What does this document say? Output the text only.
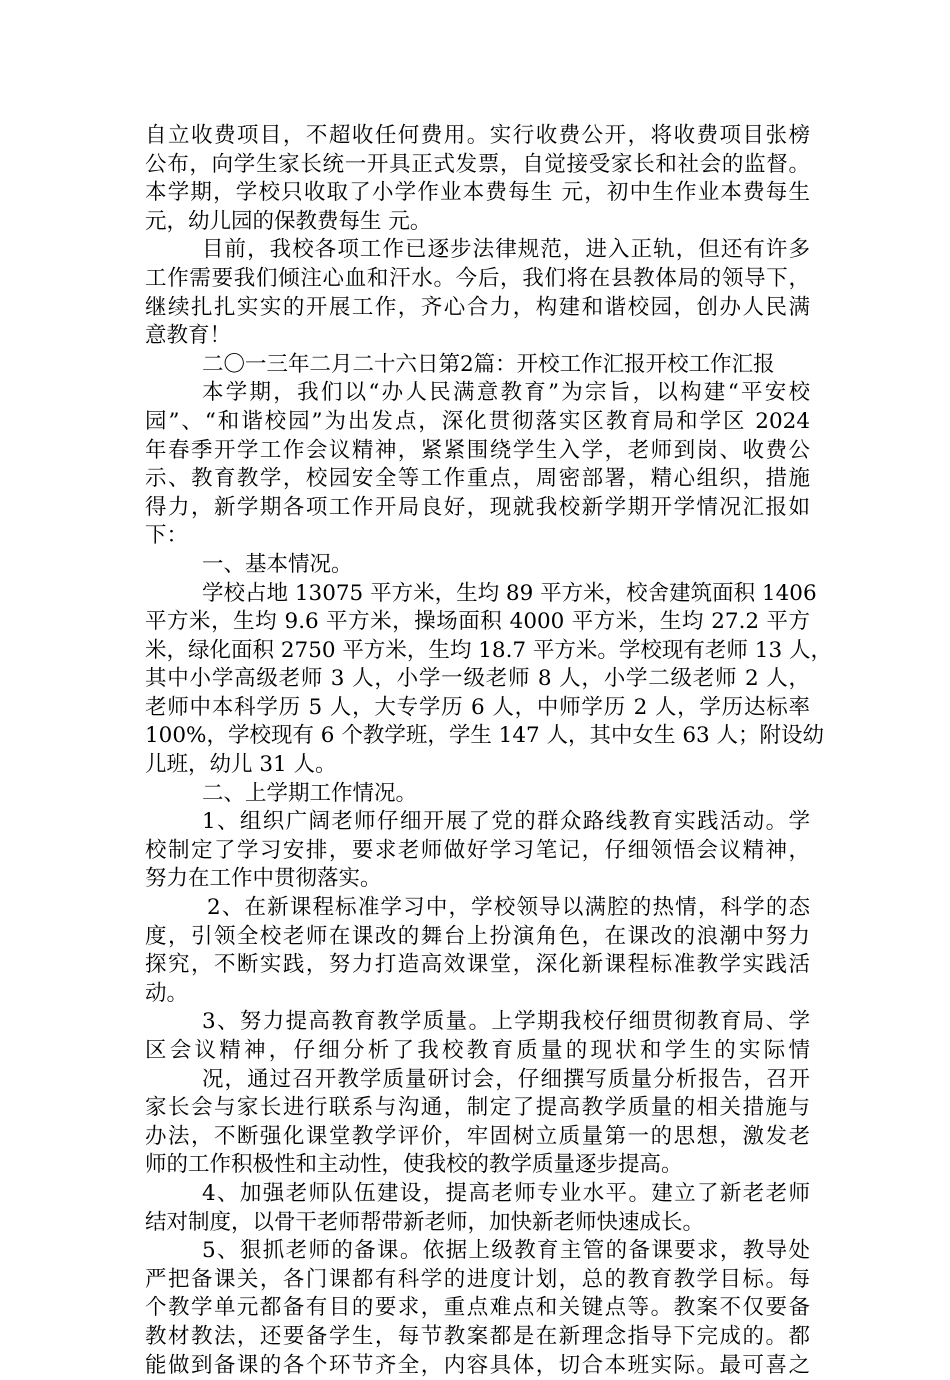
自立收费项目，不超收任何费用。实行收费公开，将收费项目张榜
公布，向学生家长统一开具正式发票，自觉接受家长和社会的监督。
本学期，学校只收取了小学作业本费每生 元，初中生作业本费每生
元，幼儿园的保教费每生 元。
目前，我校各项工作已逐步法律规范，进入正轨，但还有许多
工作需要我们倾注心血和汗水。今后，我们将在县教体局的领导下，
继续扎扎实实的开展工作，齐心合力，构建和谐校园，创办人民满
意教育！
二〇一三年二月二十六日第2篇：开校工作汇报开校工作汇报
本学期，我们以“办人民满意教育”为宗旨，以构建“平安校
园”、“和谐校园”为出发点，深化贯彻落实区教育局和学区 2024
年春季开学工作会议精神，紧紧围绕学生入学，老师到岗、收费公
示、教育教学，校园安全等工作重点，周密部署，精心组织，措施
得力，新学期各项工作开局良好，现就我校新学期开学情况汇报如
下：
一、基本情况。
学校占地 13075 平方米，生均 89 平方米，校舍建筑面积 1406
平方米，生均 9.6 平方米，操场面积 4000 平方米，生均 27.2 平方
米，绿化面积 2750 平方米，生均 18.7 平方米。学校现有老师 13 人，
其中小学高级老师 3 人，小学一级老师 8 人，小学二级老师 2 人，
老师中本科学历 5 人，大专学历 6 人，中师学历 2 人，学历达标率
100%，学校现有 6 个教学班，学生 147 人，其中女生 63 人；附设幼
儿班，幼儿 31 人。
二、上学期工作情况。
1、组织广阔老师仔细开展了党的群众路线教育实践活动。学
校制定了学习安排，要求老师做好学习笔记，仔细领悟会议精神，
努力在工作中贯彻落实。
2、在新课程标准学习中，学校领导以满腔的热情，科学的态
度，引领全校老师在课改的舞台上扮演角色，在课改的浪潮中努力
探究，不断实践，努力打造高效课堂，深化新课程标准教学实践活
动。
3、努力提高教育教学质量。上学期我校仔细贯彻教育局、学
区会议精神，仔细分析了我校教育质量的现状和学生的实际情
况，通过召开教学质量研讨会，仔细撰写质量分析报告，召开
家长会与家长进行联系与沟通，制定了提高教学质量的相关措施与
办法，不断强化课堂教学评价，牢固树立质量第一的思想，激发老
师的工作积极性和主动性，使我校的教学质量逐步提高。
4、加强老师队伍建设，提高老师专业水平。建立了新老老师
结对制度，以骨干老师帮带新老师，加快新老师快速成长。
5、狠抓老师的备课。依据上级教育主管的备课要求，教导处
严把备课关，各门课都有科学的进度计划，总的教育教学目标。每
个教学单元都备有目的要求，重点难点和关键点等。教案不仅要备
教材教法，还要备学生，每节教案都是在新理念指导下完成的。都
能做到备课的各个环节齐全，内容具体，切合本班实际。最可喜之
